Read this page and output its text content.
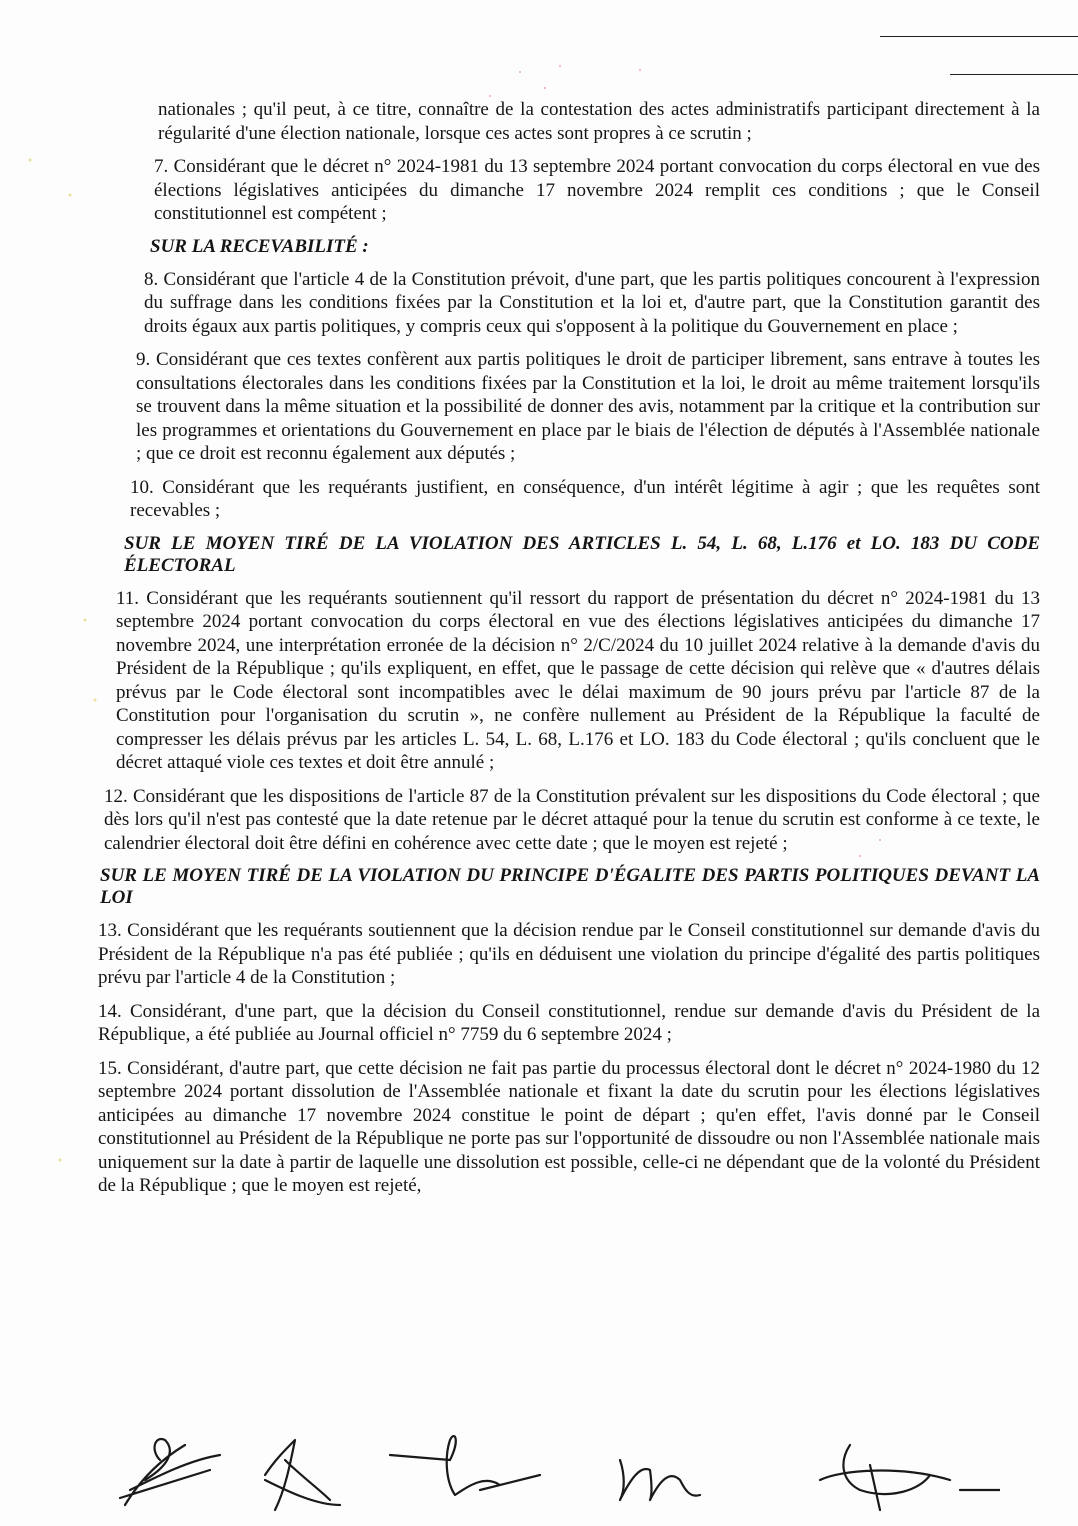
nationales ; qu'il peut, à ce titre, connaître de la contestation des actes administratifs participant directement à la régularité d'une élection nationale, lorsque ces actes sont propres à ce scrutin ;

7. Considérant que le décret n° 2024-1981 du 13 septembre 2024 portant convocation du corps électoral en vue des élections législatives anticipées du dimanche 17 novembre 2024 remplit ces conditions ; que le Conseil constitutionnel est compétent ;

SUR LA RECEVABILITÉ :

8. Considérant que l'article 4 de la Constitution prévoit, d'une part, que les partis politiques concourent à l'expression du suffrage dans les conditions fixées par la Constitution et la loi et, d'autre part, que la Constitution garantit des droits égaux aux partis politiques, y compris ceux qui s'opposent à la politique du Gouvernement en place ;

9. Considérant que ces textes confèrent aux partis politiques le droit de participer librement, sans entrave à toutes les consultations électorales dans les conditions fixées par la Constitution et la loi, le droit au même traitement lorsqu'ils se trouvent dans la même situation et la possibilité de donner des avis, notamment par la critique et la contribution sur les programmes et orientations du Gouvernement en place par le biais de l'élection de députés à l'Assemblée nationale ; que ce droit est reconnu également aux députés ;

10. Considérant que les requérants justifient, en conséquence, d'un intérêt légitime à agir ; que les requêtes sont recevables ;

SUR LE MOYEN TIRÉ DE LA VIOLATION DES ARTICLES L. 54, L. 68, L.176 et LO. 183 DU CODE ÉLECTORAL

11. Considérant que les requérants soutiennent qu'il ressort du rapport de présentation du décret n° 2024-1981 du 13 septembre 2024 portant convocation du corps électoral en vue des élections législatives anticipées du dimanche 17 novembre 2024, une interprétation erronée de la décision n° 2/C/2024 du 10 juillet 2024 relative à la demande d'avis du Président de la République ; qu'ils expliquent, en effet, que le passage de cette décision qui relève que « d'autres délais prévus par le Code électoral sont incompatibles avec le délai maximum de 90 jours prévu par l'article 87 de la Constitution pour l'organisation du scrutin », ne confère nullement au Président de la République la faculté de compresser les délais prévus par les articles L. 54, L. 68, L.176 et LO. 183 du Code électoral ; qu'ils concluent que le décret attaqué viole ces textes et doit être annulé ;

12. Considérant que les dispositions de l'article 87 de la Constitution prévalent sur les dispositions du Code électoral ; que dès lors qu'il n'est pas contesté que la date retenue par le décret attaqué pour la tenue du scrutin est conforme à ce texte, le calendrier électoral doit être défini en cohérence avec cette date ; que le moyen est rejeté ;

SUR LE MOYEN TIRÉ DE LA VIOLATION DU PRINCIPE D'ÉGALITE DES PARTIS POLITIQUES DEVANT LA LOI

13. Considérant que les requérants soutiennent que la décision rendue par le Conseil constitutionnel sur demande d'avis du Président de la République n'a pas été publiée ; qu'ils en déduisent une violation du principe d'égalité des partis politiques prévu par l'article 4 de la Constitution ;

14. Considérant, d'une part, que la décision du Conseil constitutionnel, rendue sur demande d'avis du Président de la République, a été publiée au Journal officiel n° 7759 du 6 septembre 2024 ;

15. Considérant, d'autre part, que cette décision ne fait pas partie du processus électoral dont le décret n° 2024-1980 du 12 septembre 2024 portant dissolution de l'Assemblée nationale et fixant la date du scrutin pour les élections législatives anticipées au dimanche 17 novembre 2024 constitue le point de départ ; qu'en effet, l'avis donné par le Conseil constitutionnel au Président de la République ne porte pas sur l'opportunité de dissoudre ou non l'Assemblée nationale mais uniquement sur la date à partir de laquelle une dissolution est possible, celle-ci ne dépendant que de la volonté du Président de la République ; que le moyen est rejeté,
